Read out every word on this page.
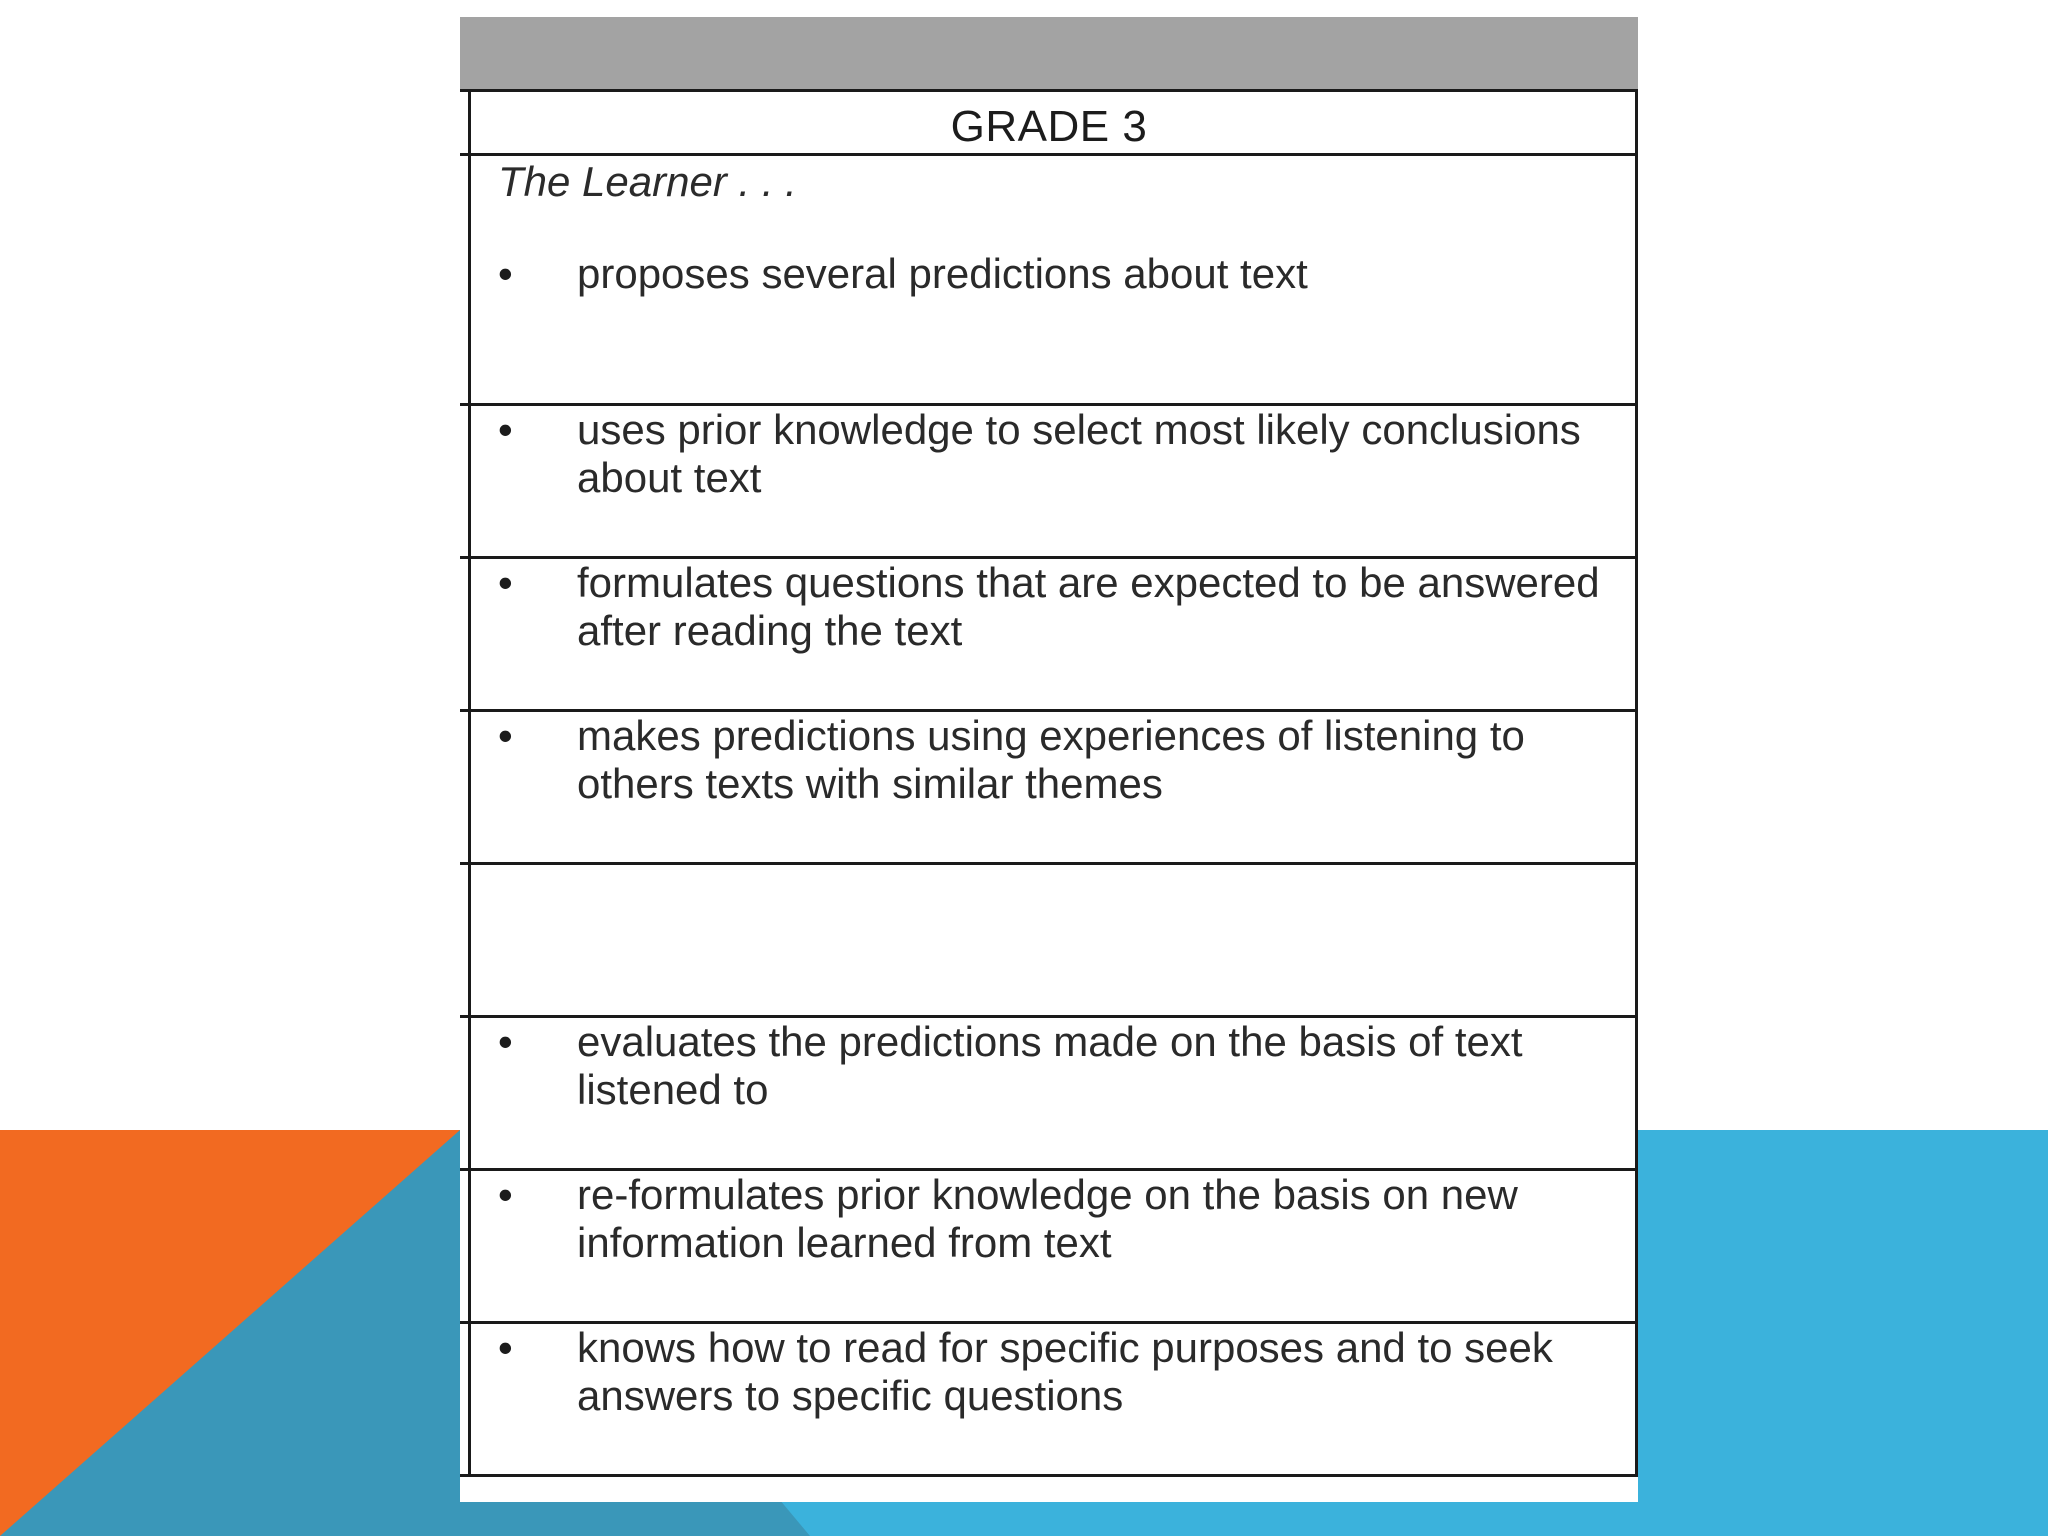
GRADE 3
The Learner . . .
• proposes several predictions about text
• uses prior knowledge to select most likely conclusions about text
• formulates questions that are expected to be answered after reading the text
• makes predictions using experiences of listening to others texts with similar themes
• evaluates the predictions made on the basis of text listened to
• re-formulates prior knowledge on the basis on new information learned from text
• knows how to read for specific purposes and to seek answers to specific questions
